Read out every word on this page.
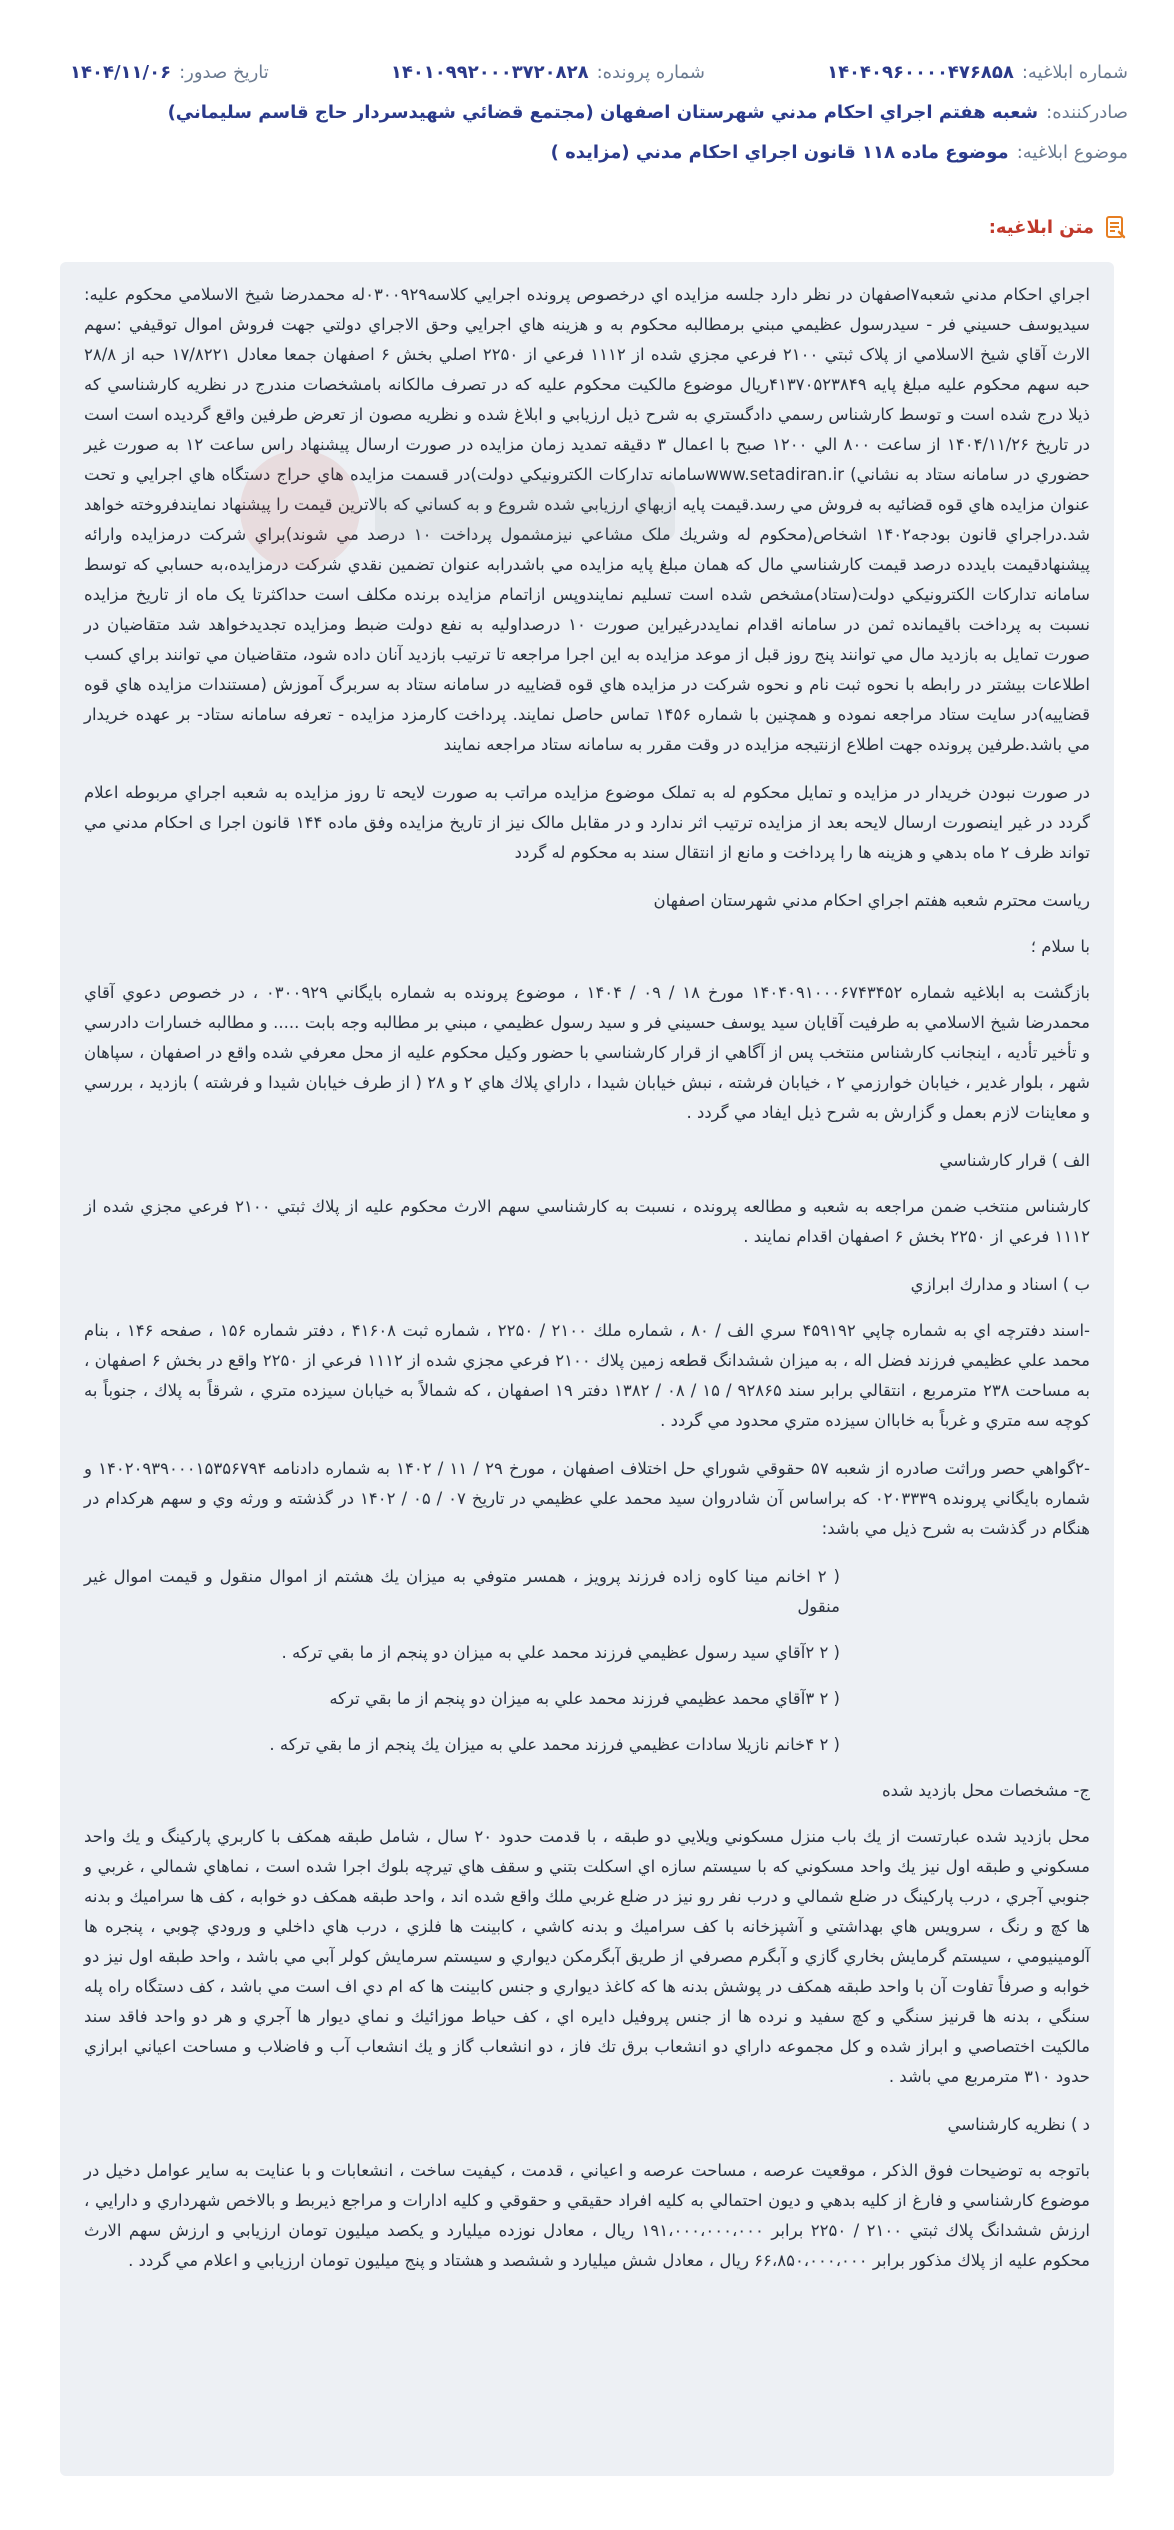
شماره ابلاغیه:
۱۴۰۴۰۹۶۰۰۰۰۴۷۶۸۵۸
شماره پرونده:
۱۴۰۱۰۹۹۲۰۰۰۳۷۲۰۸۲۸
تاریخ صدور:
۱۴۰۴/۱۱/۰۶
صادرکننده:
شعبه هفتم اجراي احكام مدني شهرستان اصفهان (مجتمع قضائي شهيدسردار حاج قاسم سليماني)
موضوع ابلاغیه:
موضوع ماده ۱۱۸ قانون اجراي احكام مدني (مزايده )
متن ابلاغیه:

اجراي احكام مدني شعبه۷اصفهان در نظر دارد جلسه مزايده اي درخصوص پرونده اجرايي كلاسه۰۳۰۰۹۲۹له محمدرضا شيخ الاسلامي محكوم عليه: سيديوسف حسيني فر - سيدرسول عظيمي مبني برمطالبه محكوم به و هزينه هاي اجرايي وحق الاجراي دولتي جهت فروش اموال توقيفي :سهم الارث آقاي شيخ الاسلامي از پلاک ثبتي ۲۱۰۰ فرعي مجزي شده از ۱۱۱۲ فرعي از ۲۲۵۰ اصلي بخش ۶ اصفهان جمعا معادل ۱۷/۸۲۲۱ حبه از ۲۸/۸ حبه سهم محكوم عليه مبلغ پايه ۴۱۳۷۰۵۲۳۸۴۹ريال موضوع مالكيت محكوم عليه كه در تصرف مالكانه بامشخصات مندرج در نظريه كارشناسي كه ذيلا درج شده است و توسط كارشناس رسمي دادگستري به شرح ذيل ارزيابي و ابلاغ شده و نظريه مصون از تعرض طرفين واقع گرديده است است در تاريخ ۱۴۰۴/۱۱/۲۶ از ساعت ۸۰۰ الي ۱۲۰۰ صبح با اعمال ۳ دقيقه تمديد زمان مزايده در صورت ارسال پيشنهاد راس ساعت ۱۲ به صورت غير حضوري در سامانه ستاد به نشاني) www.setadiran.irسامانه تداركات الكترونيكي دولت)در قسمت مزايده هاي حراج دستگاه هاي اجرايي و تحت عنوان مزايده هاي قوه قضائيه به فروش مي رسد.قيمت پايه ازبهاي ارزيابي شده شروع و به كساني كه بالاترين قيمت را پيشنهاد نمايندفروخته خواهد شد.دراجراي قانون بودجه۱۴۰۲ اشخاص(محكوم له وشريك ملک مشاعي نيزمشمول پرداخت ۱۰ درصد مي شوند)براي شركت درمزايده وارائه پيشنهادقيمت بايدده درصد قيمت كارشناسي مال كه همان مبلغ پايه مزايده مي باشدرابه عنوان تضمين نقدي شركت درمزايده،به حسابي كه توسط سامانه تداركات الكترونيكي دولت(ستاد)مشخص شده است تسليم نمايندوپس ازاتمام مزايده برنده مكلف است حداكثرتا يک ماه از تاريخ مزايده نسبت به پرداخت باقيمانده ثمن در سامانه اقدام نمايددرغيراين صورت ۱۰ درصداوليه به نفع دولت ضبط ومزايده تجديدخواهد شد متقاضيان در صورت تمايل به بازديد مال مي توانند پنج روز قبل از موعد مزايده به اين اجرا مراجعه تا ترتيب بازديد آنان داده شود، متقاضيان مي توانند براي كسب اطلاعات بيشتر در رابطه با نحوه ثبت نام و نحوه شركت در مزايده هاي قوه قضاييه در سامانه ستاد به سربرگ آموزش (مستندات مزايده هاي قوه قضاييه)در سايت ستاد مراجعه نموده و همچنين با شماره ۱۴۵۶ تماس حاصل نمايند. پرداخت كارمزد مزايده - تعرفه سامانه ستاد- بر عهده خريدار مي باشد.طرفين پرونده جهت اطلاع ازنتيجه مزايده در وقت مقرر به سامانه ستاد مراجعه نمايند

در صورت نبودن خريدار در مزايده و تمايل محكوم له به تملک موضوع مزايده مراتب به صورت لايحه تا روز مزايده به شعبه اجراي مربوطه اعلام گردد در غير اينصورت ارسال لايحه بعد از مزايده ترتيب اثر ندارد و در مقابل مالک نيز از تاريخ مزايده وفق ماده ۱۴۴ قانون اجرا ی احكام مدني مي تواند ظرف ۲ ماه بدهي و هزينه ها را پرداخت و مانع از انتقال سند به محكوم له گردد

رياست محترم شعبه هفتم اجراي احكام مدني شهرستان اصفهان

با سلام ؛

بازگشت به ابلاغيه شماره ۱۴۰۴۰۹۱۰۰۰۶۷۴۳۴۵۲ مورخ ۱۸ / ۰۹ / ۱۴۰۴ ، موضوع پرونده به شماره بايگاني ۰۳۰۰۹۲۹ ، در خصوص دعوي آقاي محمدرضا شيخ الاسلامي به طرفيت آقايان سيد يوسف حسيني فر و سيد رسول عظيمي ، مبني بر مطالبه وجه بابت ..... و مطالبه خسارات دادرسي و تأخير تأديه ، اينجانب كارشناس منتخب پس از آگاهي از قرار كارشناسي با حضور وكيل محكوم عليه از محل معرفي شده واقع در اصفهان ، سپاهان شهر ، بلوار غدير ، خيابان خوارزمي ۲ ، خيابان فرشته ، نبش خيابان شيدا ، داراي پلاك هاي ۲ و ۲۸ ( از طرف خيابان شيدا و فرشته ) بازديد ، بررسي و معاينات لازم بعمل و گزارش به شرح ذيل ايفاد مي گردد .

الف ) قرار كارشناسي

كارشناس منتخب ضمن مراجعه به شعبه و مطالعه پرونده ، نسبت به كارشناسي سهم الارث محكوم عليه از پلاك ثبتي ۲۱۰۰ فرعي مجزي شده از ۱۱۱۲ فرعي از ۲۲۵۰ بخش ۶ اصفهان اقدام نمايند .

ب ) اسناد و مدارك ابرازي

-اسند دفترچه اي به شماره چاپي ۴۵۹۱۹۲ سري الف / ۸۰ ، شماره ملك ۲۱۰۰ / ۲۲۵۰ ، شماره ثبت ۴۱۶۰۸ ، دفتر شماره ۱۵۶ ، صفحه ۱۴۶ ، بنام محمد علي عظيمي فرزند فضل اله ، به ميزان ششدانگ قطعه زمين پلاك ۲۱۰۰ فرعي مجزي شده از ۱۱۱۲ فرعي از ۲۲۵۰ واقع در بخش ۶ اصفهان ، به مساحت ۲۳۸ مترمربع ، انتقالي برابر سند ۹۲۸۶۵ / ۱۵ / ۰۸ / ۱۳۸۲ دفتر ۱۹ اصفهان ، كه شمالاً به خيابان سيزده متري ، شرقاً به پلاك ، جنوباً به كوچه سه متري و غرباً به خاباان سيزده متري محدود مي گردد .

-۲گواهي حصر وراثت صادره از شعبه ۵۷ حقوقي شوراي حل اختلاف اصفهان ، مورخ ۲۹ / ۱۱ / ۱۴۰۲ به شماره دادنامه ۱۴۰۲۰۹۳۹۰۰۰۱۵۳۵۶۷۹۴ و شماره بايگاني پرونده ۰۲۰۳۳۳۹ كه براساس آن شادروان سيد محمد علي عظيمي در تاريخ ۰۷ / ۰۵ / ۱۴۰۲ در گذشته و ورثه وي و سهم هركدام در هنگام در گذشت به شرح ذيل مي باشد:

( ۲ اخانم مينا كاوه زاده فرزند پرويز ، همسر متوفي به ميزان يك هشتم از اموال منقول و قيمت اموال غير منقول

( ۲ ۲آقاي سيد رسول عظيمي فرزند محمد علي به ميزان دو پنجم از ما بقي تركه .

( ۲ ۳آقاي محمد عظيمي فرزند محمد علي به ميزان دو پنجم از ما بقي تركه

( ۲ ۴خانم نازيلا سادات عظيمي فرزند محمد علي به ميزان يك پنجم از ما بقي تركه .

ج- مشخصات محل بازديد شده

محل بازديد شده عبارتست از يك باب منزل مسكوني ويلايي دو طبقه ، با قدمت حدود ۲۰ سال ، شامل طبقه همكف با كاربري پاركينگ و يك واحد مسكوني و طبقه اول نيز يك واحد مسكوني كه با سيستم سازه اي اسكلت بتني و سقف هاي تيرچه بلوك اجرا شده است ، نماهاي شمالي ، غربي و جنوبي آجري ، درب پاركينگ در ضلع شمالي و درب نفر رو نيز در ضلع غربي ملك واقع شده اند ، واحد طبقه همكف دو خوابه ، كف ها سراميك و بدنه ها كچ و رنگ ، سرويس هاي بهداشتي و آشپزخانه با كف سراميك و بدنه كاشي ، كابينت ها فلزي ، درب هاي داخلي و ورودي چوبي ، پنجره ها آلومينيومي ، سيستم گرمايش بخاري گازي و آبگرم مصرفي از طريق آبگرمكن ديواري و سيستم سرمايش كولر آبي مي باشد ، واحد طبقه اول نيز دو خوابه و صرفاً تفاوت آن با واحد طبقه همكف در پوشش بدنه ها كه كاغذ ديواري و جنس كابينت ها كه ام دي اف است مي باشد ، كف دستگاه راه پله سنگي ، بدنه ها قرنيز سنگي و كچ سفيد و نرده ها از جنس پروفيل دايره اي ، كف حياط موزائيك و نماي ديوار ها آجري و هر دو واحد فاقد سند مالكيت اختصاصي و ابراز شده و كل مجموعه داراي دو انشعاب برق تك فاز ، دو انشعاب گاز و يك انشعاب آب و فاضلاب و مساحت اعياني ابرازي حدود ۳۱۰ مترمربع مي باشد .

د ) نظريه كارشناسي

باتوجه به توضيحات فوق الذكر ، موقعيت عرصه ، مساحت عرصه و اعياني ، قدمت ، كيفيت ساخت ، انشعابات و با عنايت به ساير عوامل دخيل در موضوع كارشناسي و فارغ از كليه بدهي و ديون احتمالي به كليه افراد حقيقي و حقوقي و كليه ادارات و مراجع ذيربط و بالاخص شهرداري و دارايي ، ارزش ششدانگ پلاك ثبتي ۲۱۰۰ / ۲۲۵۰ برابر ۱۹۱،۰۰۰،۰۰۰،۰۰۰ ريال ، معادل نوزده ميليارد و يكصد ميليون تومان ارزيابي و ارزش سهم الارث محكوم عليه از پلاك مذكور برابر ۶۶،۸۵۰،۰۰۰،۰۰۰ ريال ، معادل شش ميليارد و ششصد و هشتاد و پنج ميليون تومان ارزيابي و اعلام مي گردد .
